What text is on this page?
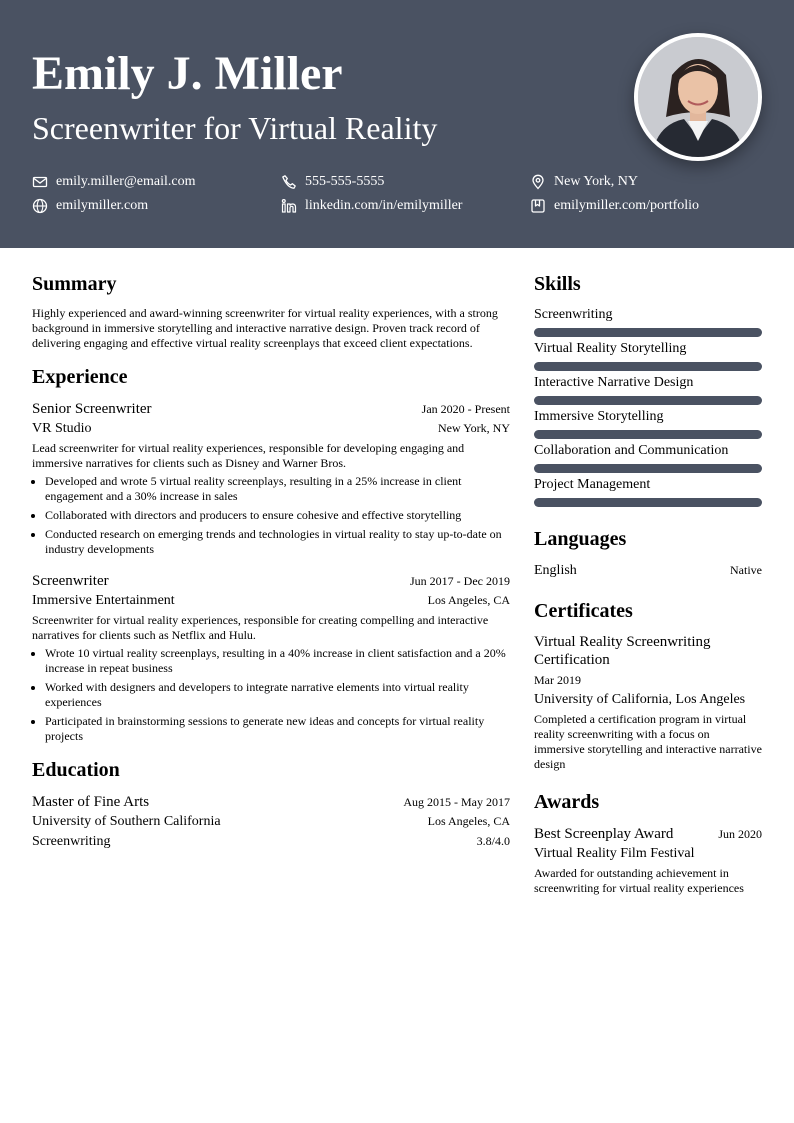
Emily J. Miller
Screenwriter for Virtual Reality
emily.miller@email.com	555-555-5555	New York, NY
emilymiller.com	linkedin.com/in/emilymiller	emilymiller.com/portfolio
Summary
Highly experienced and award-winning screenwriter for virtual reality experiences, with a strong background in immersive storytelling and interactive narrative design. Proven track record of delivering engaging and effective virtual reality screenplays that exceed client expectations.
Experience
Senior Screenwriter	Jan 2020 - Present
VR Studio	New York, NY
Lead screenwriter for virtual reality experiences, responsible for developing engaging and immersive narratives for clients such as Disney and Warner Bros.
• Developed and wrote 5 virtual reality screenplays, resulting in a 25% increase in client engagement and a 30% increase in sales
• Collaborated with directors and producers to ensure cohesive and effective storytelling
• Conducted research on emerging trends and technologies in virtual reality to stay up-to-date on industry developments
Screenwriter	Jun 2017 - Dec 2019
Immersive Entertainment	Los Angeles, CA
Screenwriter for virtual reality experiences, responsible for creating compelling and interactive narratives for clients such as Netflix and Hulu.
• Wrote 10 virtual reality screenplays, resulting in a 40% increase in client satisfaction and a 20% increase in repeat business
• Worked with designers and developers to integrate narrative elements into virtual reality experiences
• Participated in brainstorming sessions to generate new ideas and concepts for virtual reality projects
Education
Master of Fine Arts	Aug 2015 - May 2017
University of Southern California	Los Angeles, CA
Screenwriting	3.8/4.0
Skills
Screenwriting
Virtual Reality Storytelling
Interactive Narrative Design
Immersive Storytelling
Collaboration and Communication
Project Management
Languages
English	Native
Certificates
Virtual Reality Screenwriting Certification
Mar 2019
University of California, Los Angeles
Completed a certification program in virtual reality screenwriting with a focus on immersive storytelling and interactive narrative design
Awards
Best Screenplay Award	Jun 2020
Virtual Reality Film Festival
Awarded for outstanding achievement in screenwriting for virtual reality experiences
